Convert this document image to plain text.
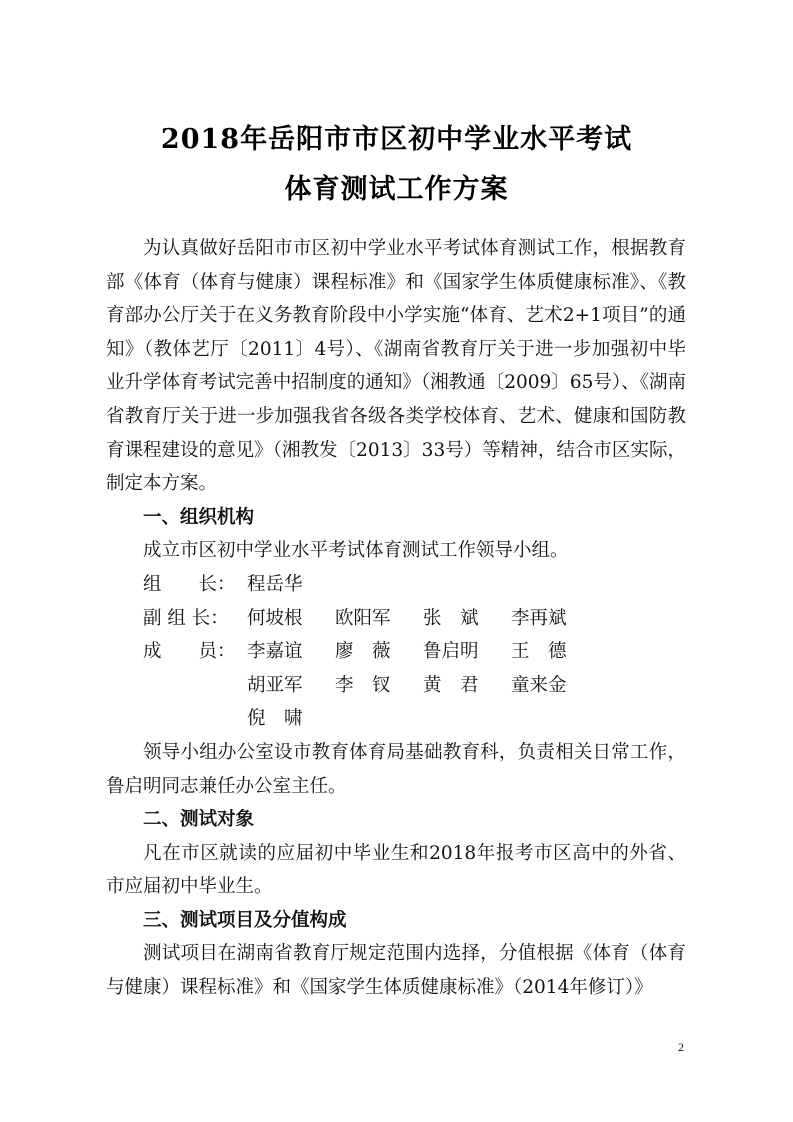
2018年岳阳市市区初中学业水平考试
体育测试工作方案

为认真做好岳阳市市区初中学业水平考试体育测试工作，根据教育部《体育（体育与健康）课程标准》和《国家学生体质健康标准》、《教育部办公厅关于在义务教育阶段中小学实施“体育、艺术2+1项目”的通知》（教体艺厅〔2011〕4号）、《湖南省教育厅关于进一步加强初中毕业升学体育考试完善中招制度的通知》（湘教通〔2009〕65号）、《湖南省教育厅关于进一步加强我省各级各类学校体育、艺术、健康和国防教育课程建设的意见》（湘教发〔2013〕33号）等精神，结合市区实际，制定本方案。

一、组织机构

成立市区初中学业水平考试体育测试工作领导小组。

组　　长： 程岳华
副 组 长： 何坡根	欧阳军	张　斌	李再斌
成　　员： 李嘉谊	廖　薇	鲁启明	王　德
胡亚军	李　钗	黄　君	童来金
倪　啸

领导小组办公室设市教育体育局基础教育科，负责相关日常工作，鲁启明同志兼任办公室主任。

二、测试对象

凡在市区就读的应届初中毕业生和2018年报考市区高中的外省、市应届初中毕业生。

三、测试项目及分值构成

测试项目在湖南省教育厅规定范围内选择，分值根据《体育（体育与健康）课程标准》和《国家学生体质健康标准》（2014年修订）》

2
